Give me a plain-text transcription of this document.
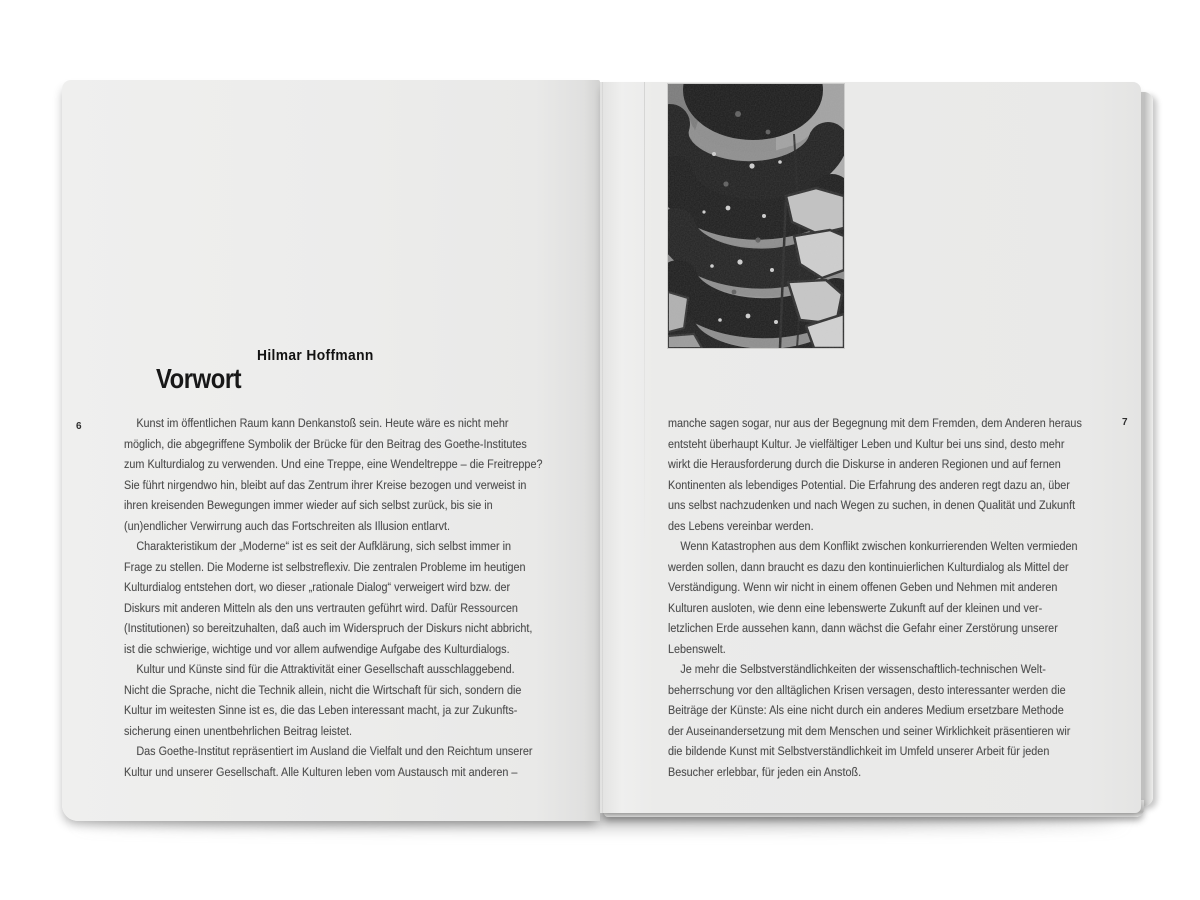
6
Hilmar Hoffmann
Vorwort
Kunst im öffentlichen Raum kann Denkanstoß sein. Heute wäre es nicht mehr
möglich, die abgegriffene Symbolik der Brücke für den Beitrag des Goethe-Institutes
zum Kulturdialog zu verwenden. Und eine Treppe, eine Wendeltreppe – die Freitreppe?
Sie führt nirgendwo hin, bleibt auf das Zentrum ihrer Kreise bezogen und verweist in
ihren kreisenden Bewegungen immer wieder auf sich selbst zurück, bis sie in
(un)endlicher Verwirrung auch das Fortschreiten als Illusion entlarvt.
Charakteristikum der „Moderne“ ist es seit der Aufklärung, sich selbst immer in
Frage zu stellen. Die Moderne ist selbstreflexiv. Die zentralen Probleme im heutigen
Kulturdialog entstehen dort, wo dieser „rationale Dialog“ verweigert wird bzw. der
Diskurs mit anderen Mitteln als den uns vertrauten geführt wird. Dafür Ressourcen
(Institutionen) so bereitzuhalten, daß auch im Widerspruch der Diskurs nicht abbricht,
ist die schwierige, wichtige und vor allem aufwendige Aufgabe des Kulturdialogs.
Kultur und Künste sind für die Attraktivität einer Gesellschaft ausschlaggebend.
Nicht die Sprache, nicht die Technik allein, nicht die Wirtschaft für sich, sondern die
Kultur im weitesten Sinne ist es, die das Leben interessant macht, ja zur Zukunfts-
sicherung einen unentbehrlichen Beitrag leistet.
Das Goethe-Institut repräsentiert im Ausland die Vielfalt und den Reichtum unserer
Kultur und unserer Gesellschaft. Alle Kulturen leben vom Austausch mit anderen –
7
manche sagen sogar, nur aus der Begegnung mit dem Fremden, dem Anderen heraus
entsteht überhaupt Kultur. Je vielfältiger Leben und Kultur bei uns sind, desto mehr
wirkt die Herausforderung durch die Diskurse in anderen Regionen und auf fernen
Kontinenten als lebendiges Potential. Die Erfahrung des anderen regt dazu an, über
uns selbst nachzudenken und nach Wegen zu suchen, in denen Qualität und Zukunft
des Lebens vereinbar werden.
Wenn Katastrophen aus dem Konflikt zwischen konkurrierenden Welten vermieden
werden sollen, dann braucht es dazu den kontinuierlichen Kulturdialog als Mittel der
Verständigung. Wenn wir nicht in einem offenen Geben und Nehmen mit anderen
Kulturen ausloten, wie denn eine lebenswerte Zukunft auf der kleinen und ver-
letzlichen Erde aussehen kann, dann wächst die Gefahr einer Zerstörung unserer
Lebenswelt.
Je mehr die Selbstverständlichkeiten der wissenschaftlich-technischen Welt-
beherrschung vor den alltäglichen Krisen versagen, desto interessanter werden die
Beiträge der Künste: Als eine nicht durch ein anderes Medium ersetzbare Methode
der Auseinandersetzung mit dem Menschen und seiner Wirklichkeit präsentieren wir
die bildende Kunst mit Selbstverständlichkeit im Umfeld unserer Arbeit für jeden
Besucher erlebbar, für jeden ein Anstoß.
